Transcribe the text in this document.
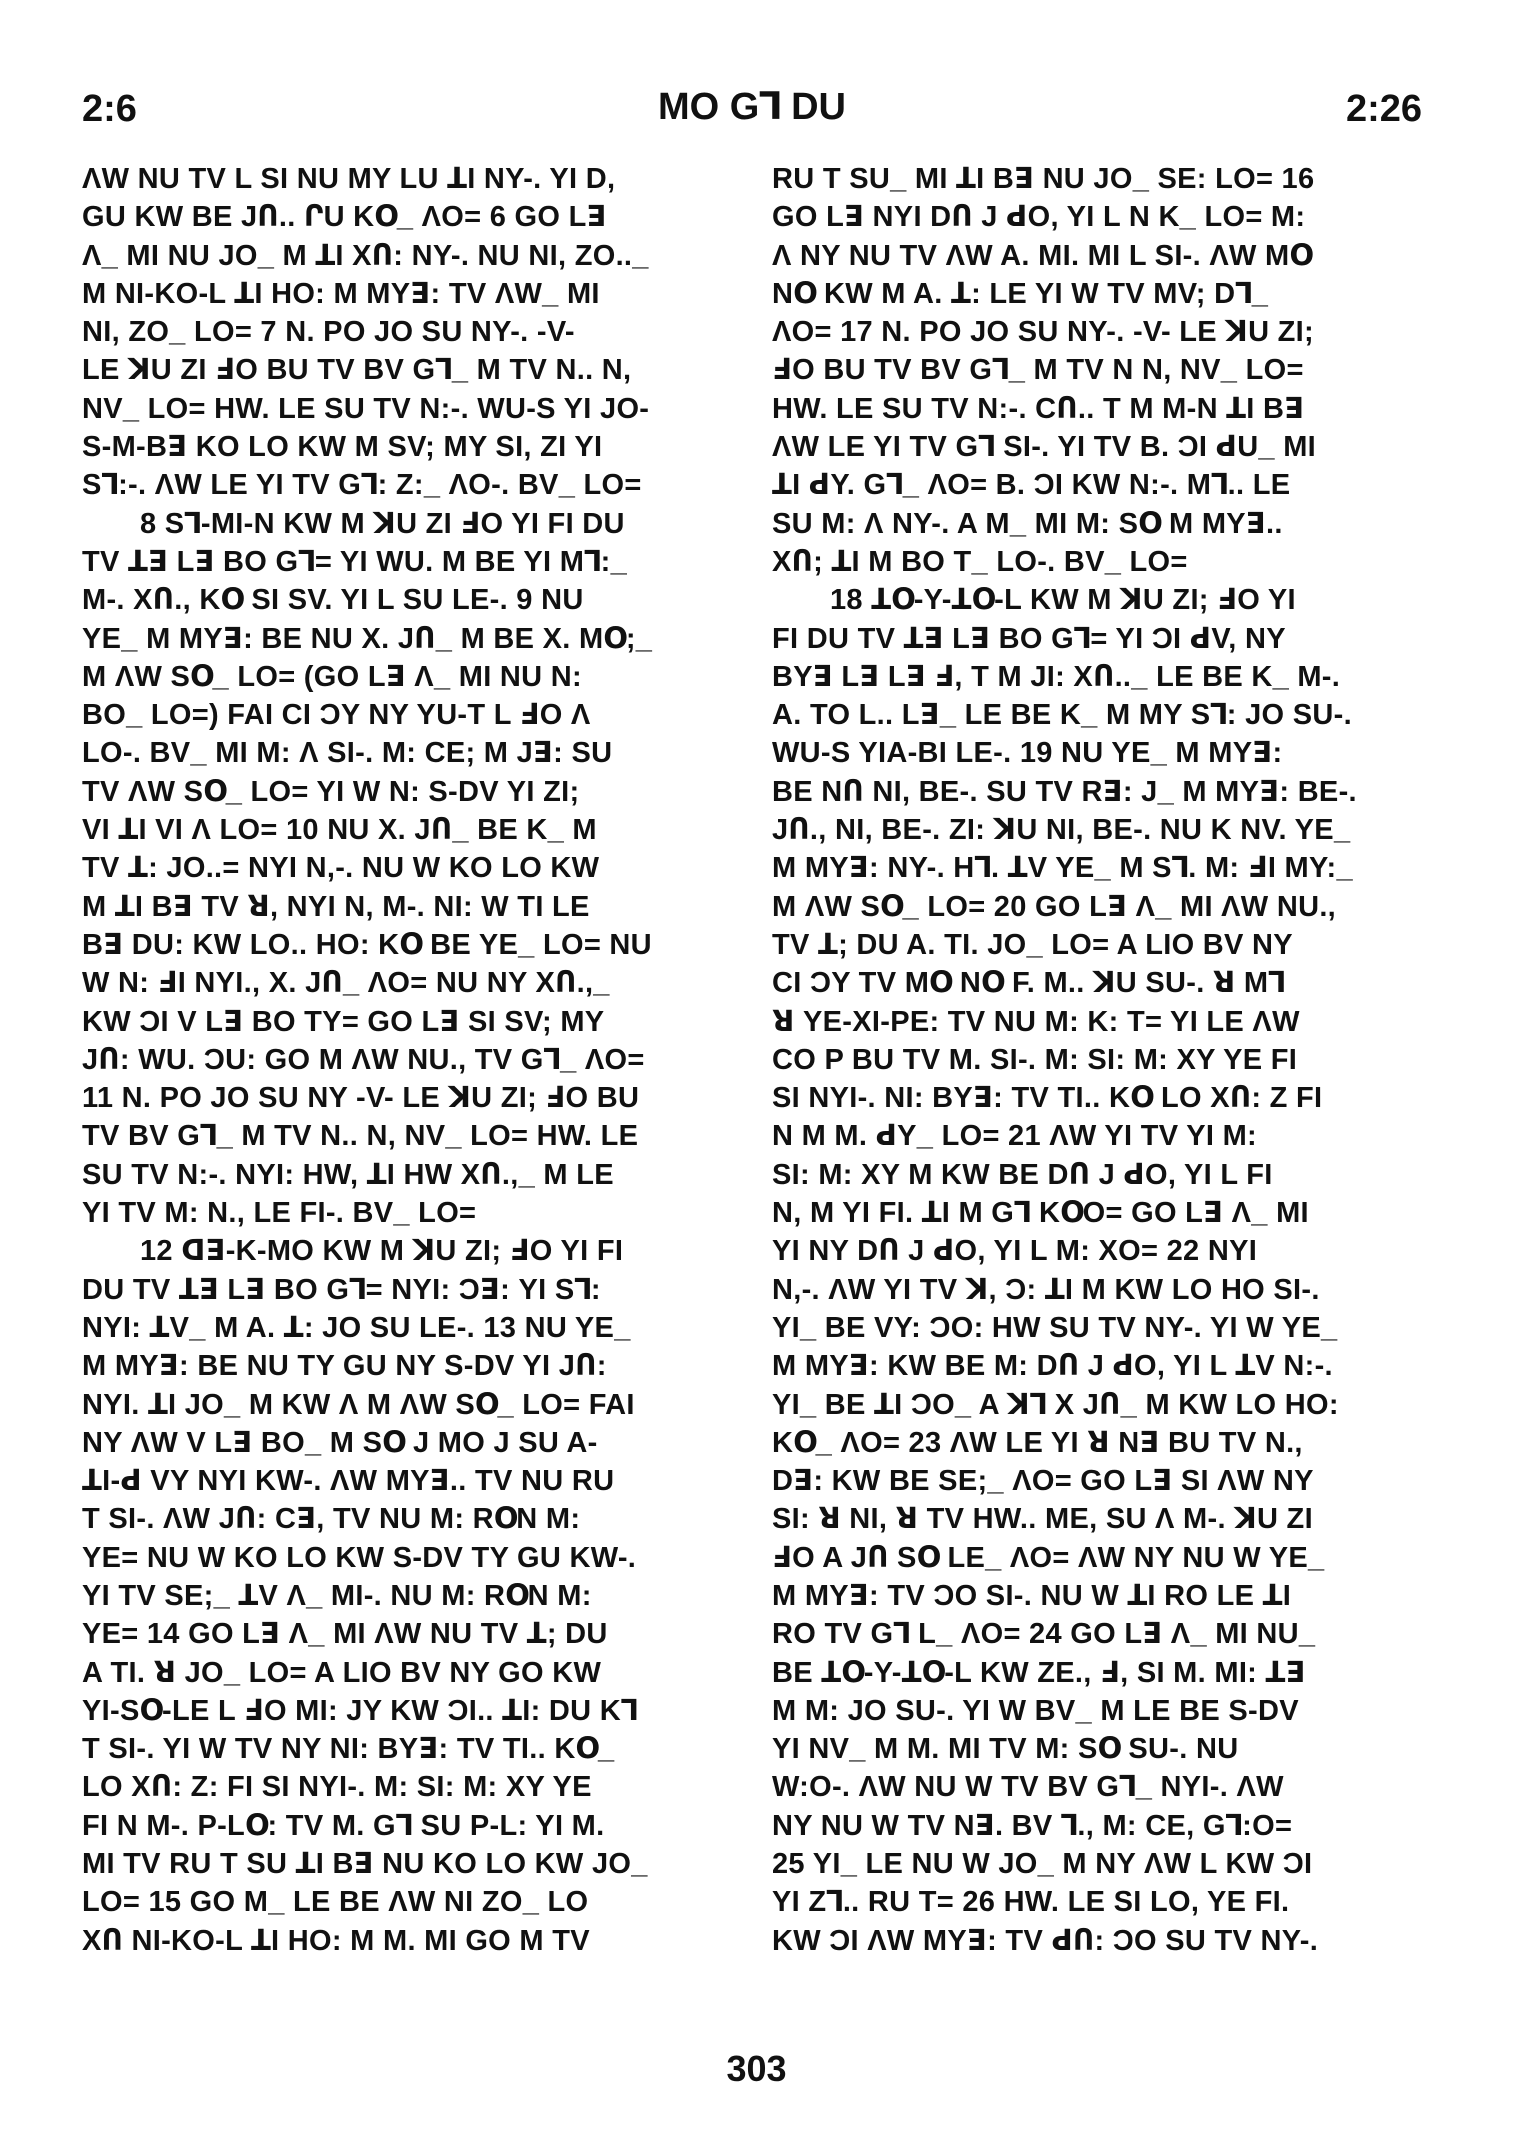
2:6	MO G⅂ DU	2:26
ΛW NU TV L SI NU MY LU ꓕI NY-. YI D,
GU KW BE JՈ.. ՐU KՕ_ ΛO= 6 GO Lꓱ
Λ_ MI NU JO_ M ꓕI XՈ: NY-. NU NI, ZO.._
M NI-KO-L ꓕI HO: M MYꓱ: TV ΛW_ MI
NI, ZO_ LO= 7 N. PO JO SU NY-. -V-
LE ꓘU ZI ꓞO BU TV BV G⅂_ M TV N.. N,
NV_ LO= HW. LE SU TV N:-. WU-S YI JO-
S-M-Bꓱ KO LO KW M SV; MY SI, ZI YI
S⅂:-. ΛW LE YI TV G⅂: Z:_ ΛO-. BV_ LO=
8 S⅂-MI-N KW M ꓘU ZI ꓞO YI FI DU
TV ꓕꓱ Lꓱ BO G⅂= YI WU. M BE YI M⅂:_
M-. XՈ., KՕ SI SV. YI L SU LE-. 9 NU
YE_ M MYꓱ: BE NU X. JՈ_ M BE X. MՕ;_
M ΛW SՕ_ LO= (GO Lꓱ Λ_ MI NU N:
BO_ LO=) FAI CI ƆY NY YU-T L ꓞO Λ
LO-. BV_ MI M: Λ SI-. M: CE; M Jꓱ: SU
TV ΛW SՕ_ LO= YI W N: S-DV YI ZI;
VI ꓕI VI Λ LO= 10 NU X. JՈ_ BE K_ M
TV ꓕ: JO..= NYI N,-. NU W KO LO KW
M ꓕI Bꓱ TV ꓤ, NYI N, M-. NI: W TI LE
Bꓱ DU: KW LO.. HO: KՕ BE YE_ LO= NU
W N: ꓞI NYI., X. JՈ_ ΛO= NU NY XՈ.,_
KW ƆI V Lꓱ BO TY= GO Lꓱ SI SV; MY
JՈ: WU. ƆU: GO M ΛW NU., TV G⅂_ ΛO=
11 N. PO JO SU NY -V- LE ꓘU ZI; ꓞO BU
TV BV G⅂_ M TV N.. N, NV_ LO= HW. LE
SU TV N:-. NYI: HW, ꓕI HW XՈ.,_ M LE
YI TV M: N., LE FI-. BV_ LO=
12 ꓷꓱ-K-MO KW M ꓘU ZI; ꓞO YI FI
DU TV ꓕꓱ Lꓱ BO G⅂= NYI: Ɔꓱ: YI S⅂:
NYI: ꓕV_ M A. ꓕ: JO SU LE-. 13 NU YE_
M MYꓱ: BE NU TY GU NY S-DV YI JՈ:
NYI. ꓕI JO_ M KW Λ M ΛW SՕ_ LO= FAI
NY ΛW V Lꓱ BO_ M SՕ J MO J SU A-
ꓕI-ꓒ VY NYI KW-. ΛW MYꓱ.. TV NU RU
T SI-. ΛW JՈ: Cꓱ, TV NU M: RՕN M:
YE= NU W KO LO KW S-DV TY GU KW-.
YI TV SE;_ ꓕV Λ_ MI-. NU M: RՕN M:
YE= 14 GO Lꓱ Λ_ MI ΛW NU TV ꓕ; DU
A TI. ꓤ JO_ LO= A LIO BV NY GO KW
YI-SՕ-LE L ꓞO MI: JY KW ƆI.. ꓕI: DU K⅂
T SI-. YI W TV NY NI: BYꓱ: TV TI.. KՕ_
LO XՈ: Z: FI SI NYI-. M: SI: M: XY YE
FI N M-. P-LՕ: TV M. G⅂ SU P-L: YI M.
MI TV RU T SU ꓕI Bꓱ NU KO LO KW JO_
LO= 15 GO M_ LE BE ΛW NI ZO_ LO
XՈ NI-KO-L ꓕI HO: M M. MI GO M TV
RU T SU_ MI ꓕI Bꓱ NU JO_ SE: LO= 16
GO Lꓱ NYI DՈ J ꓒO, YI L N K_ LO= M:
Λ NY NU TV ΛW A. MI. MI L SI-. ΛW MՕ
NՕ KW M A. ꓕ: LE YI W TV MV; D⅂_
ΛO= 17 N. PO JO SU NY-. -V- LE ꓘU ZI;
ꓞO BU TV BV G⅂_ M TV N N, NV_ LO=
HW. LE SU TV N:-. CՈ.. T M M-N ꓕI Bꓱ
ΛW LE YI TV G⅂ SI-. YI TV B. ƆI ꓒU_ MI
ꓕI ꓒY. G⅂_ ΛO= B. ƆI KW N:-. M⅂.. LE
SU M: Λ NY-. A M_ MI M: SՕ M MYꓱ..
XՈ; ꓕI M BO T_ LO-. BV_ LO=
18 ꓕՕ-Y-ꓕՕ-L KW M ꓘU ZI; ꓞO YI
FI DU TV ꓕꓱ Lꓱ BO G⅂= YI ƆI ꓒV, NY
BYꓱ Lꓱ Lꓱ ꓞ, T M JI: XՈ.._ LE BE K_ M-.
A. TO L.. Lꓱ_ LE BE K_ M MY S⅂: JO SU-.
WU-S YIA-BI LE-. 19 NU YE_ M MYꓱ:
BE NՈ NI, BE-. SU TV Rꓱ: J_ M MYꓱ: BE-.
JՈ., NI, BE-. ZI: ꓘU NI, BE-. NU K NV. YE_
M MYꓱ: NY-. H⅂. ꓕV YE_ M S⅂. M: ꓞI MY:_
M ΛW SՕ_ LO= 20 GO Lꓱ Λ_ MI ΛW NU.,
TV ꓕ; DU A. TI. JO_ LO= A LIO BV NY
CI ƆY TV MՕ NՕ F. M.. ꓘU SU-. ꓤ M⅂
ꓤ YE-XI-PE: TV NU M: K: T= YI LE ΛW
CO P BU TV M. SI-. M: SI: M: XY YE FI
SI NYI-. NI: BYꓱ: TV TI.. KՕ LO XՈ: Z FI
N M M. ꓒY_ LO= 21 ΛW YI TV YI M:
SI: M: XY M KW BE DՈ J ꓒO, YI L FI
N, M YI FI. ꓕI M G⅂ KՕO= GO Lꓱ Λ_ MI
YI NY DՈ J ꓒO, YI L M: XO= 22 NYI
N,-. ΛW YI TV ꓘ, Ɔ: ꓕI M KW LO HO SI-.
YI_ BE VY: ƆO: HW SU TV NY-. YI W YE_
M MYꓱ: KW BE M: DՈ J ꓒO, YI L ꓕV N:-.
YI_ BE ꓕI ƆO_ A ꓘ⅂ X JՈ_ M KW LO HO:
KՕ_ ΛO= 23 ΛW LE YI ꓤ Nꓱ BU TV N.,
Dꓱ: KW BE SE;_ ΛO= GO Lꓱ SI ΛW NY
SI: ꓤ NI, ꓤ TV HW.. ME, SU Λ M-. ꓘU ZI
ꓞO A JՈ SՕ LE_ ΛO= ΛW NY NU W YE_
M MYꓱ: TV ƆO SI-. NU W ꓕI RO LE ꓕI
RO TV G⅂ L_ ΛO= 24 GO Lꓱ Λ_ MI NU_
BE ꓕՕ-Y-ꓕՕ-L KW ZE., ꓞ, SI M. MI: ꓕꓱ
M M: JO SU-. YI W BV_ M LE BE S-DV
YI NV_ M M. MI TV M: SՕ SU-. NU
W:O-. ΛW NU W TV BV G⅂_ NYI-. ΛW
NY NU W TV Nꓱ. BV ⅂., M: CE, G⅂:O=
25 YI_ LE NU W JO_ M NY ΛW L KW ƆI
YI Z⅂.. RU T= 26 HW. LE SI LO, YE FI.
KW ƆI ΛW MYꓱ: TV ꓒՈ: ƆO SU TV NY-.
303
